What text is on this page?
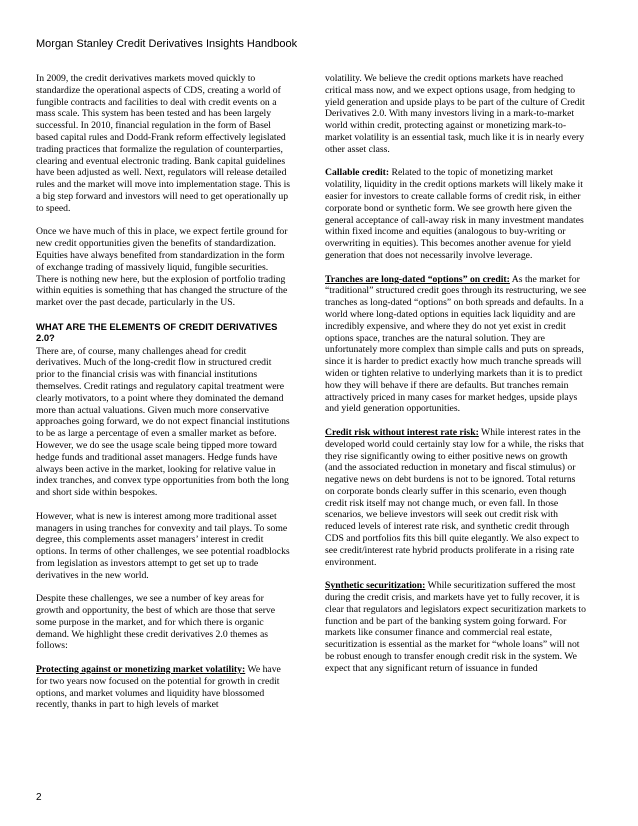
Morgan Stanley Credit Derivatives Insights Handbook

In 2009, the credit derivatives markets moved quickly to standardize the operational aspects of CDS, creating a world of fungible contracts and facilities to deal with credit events on a mass scale. This system has been tested and has been largely successful. In 2010, financial regulation in the form of Basel based capital rules and Dodd-Frank reform effectively legislated trading practices that formalize the regulation of counterparties, clearing and eventual electronic trading. Bank capital guidelines have been adjusted as well. Next, regulators will release detailed rules and the market will move into implementation stage. This is a big step forward and investors will need to get operationally up to speed.

Once we have much of this in place, we expect fertile ground for new credit opportunities given the benefits of standardization. Equities have always benefited from standardization in the form of exchange trading of massively liquid, fungible securities. There is nothing new here, but the explosion of portfolio trading within equities is something that has changed the structure of the market over the past decade, particularly in the US.

WHAT ARE THE ELEMENTS OF CREDIT DERIVATIVES 2.0?

There are, of course, many challenges ahead for credit derivatives. Much of the long-credit flow in structured credit prior to the financial crisis was with financial institutions themselves. Credit ratings and regulatory capital treatment were clearly motivators, to a point where they dominated the demand more than actual valuations. Given much more conservative approaches going forward, we do not expect financial institutions to be as large a percentage of even a smaller market as before. However, we do see the usage scale being tipped more toward hedge funds and traditional asset managers. Hedge funds have always been active in the market, looking for relative value in index tranches, and convex type opportunities from both the long and short side within bespokes.

However, what is new is interest among more traditional asset managers in using tranches for convexity and tail plays. To some degree, this complements asset managers’ interest in credit options. In terms of other challenges, we see potential roadblocks from legislation as investors attempt to get set up to trade derivatives in the new world.

Despite these challenges, we see a number of key areas for growth and opportunity, the best of which are those that serve some purpose in the market, and for which there is organic demand. We highlight these credit derivatives 2.0 themes as follows:

Protecting against or monetizing market volatility: We have for two years now focused on the potential for growth in credit options, and market volumes and liquidity have blossomed recently, thanks in part to high levels of market

volatility. We believe the credit options markets have reached critical mass now, and we expect options usage, from hedging to yield generation and upside plays to be part of the culture of Credit Derivatives 2.0. With many investors living in a mark-to-market world within credit, protecting against or monetizing mark-to-market volatility is an essential task, much like it is in nearly every other asset class.

Callable credit: Related to the topic of monetizing market volatility, liquidity in the credit options markets will likely make it easier for investors to create callable forms of credit risk, in either corporate bond or synthetic form. We see growth here given the general acceptance of call-away risk in many investment mandates within fixed income and equities (analogous to buy-writing or overwriting in equities). This becomes another avenue for yield generation that does not necessarily involve leverage.

Tranches are long-dated “options” on credit: As the market for “traditional” structured credit goes through its restructuring, we see tranches as long-dated “options” on both spreads and defaults. In a world where long-dated options in equities lack liquidity and are incredibly expensive, and where they do not yet exist in credit options space, tranches are the natural solution. They are unfortunately more complex than simple calls and puts on spreads, since it is harder to predict exactly how much tranche spreads will widen or tighten relative to underlying markets than it is to predict how they will behave if there are defaults. But tranches remain attractively priced in many cases for market hedges, upside plays and yield generation opportunities.

Credit risk without interest rate risk: While interest rates in the developed world could certainly stay low for a while, the risks that they rise significantly owing to either positive news on growth (and the associated reduction in monetary and fiscal stimulus) or negative news on debt burdens is not to be ignored. Total returns on corporate bonds clearly suffer in this scenario, even though credit risk itself may not change much, or even fall. In those scenarios, we believe investors will seek out credit risk with reduced levels of interest rate risk, and synthetic credit through CDS and portfolios fits this bill quite elegantly. We also expect to see credit/interest rate hybrid products proliferate in a rising rate environment.

Synthetic securitization: While securitization suffered the most during the credit crisis, and markets have yet to fully recover, it is clear that regulators and legislators expect securitization markets to function and be part of the banking system going forward. For markets like consumer finance and commercial real estate, securitization is essential as the market for “whole loans” will not be robust enough to transfer enough credit risk in the system. We expect that any significant return of issuance in funded

2
